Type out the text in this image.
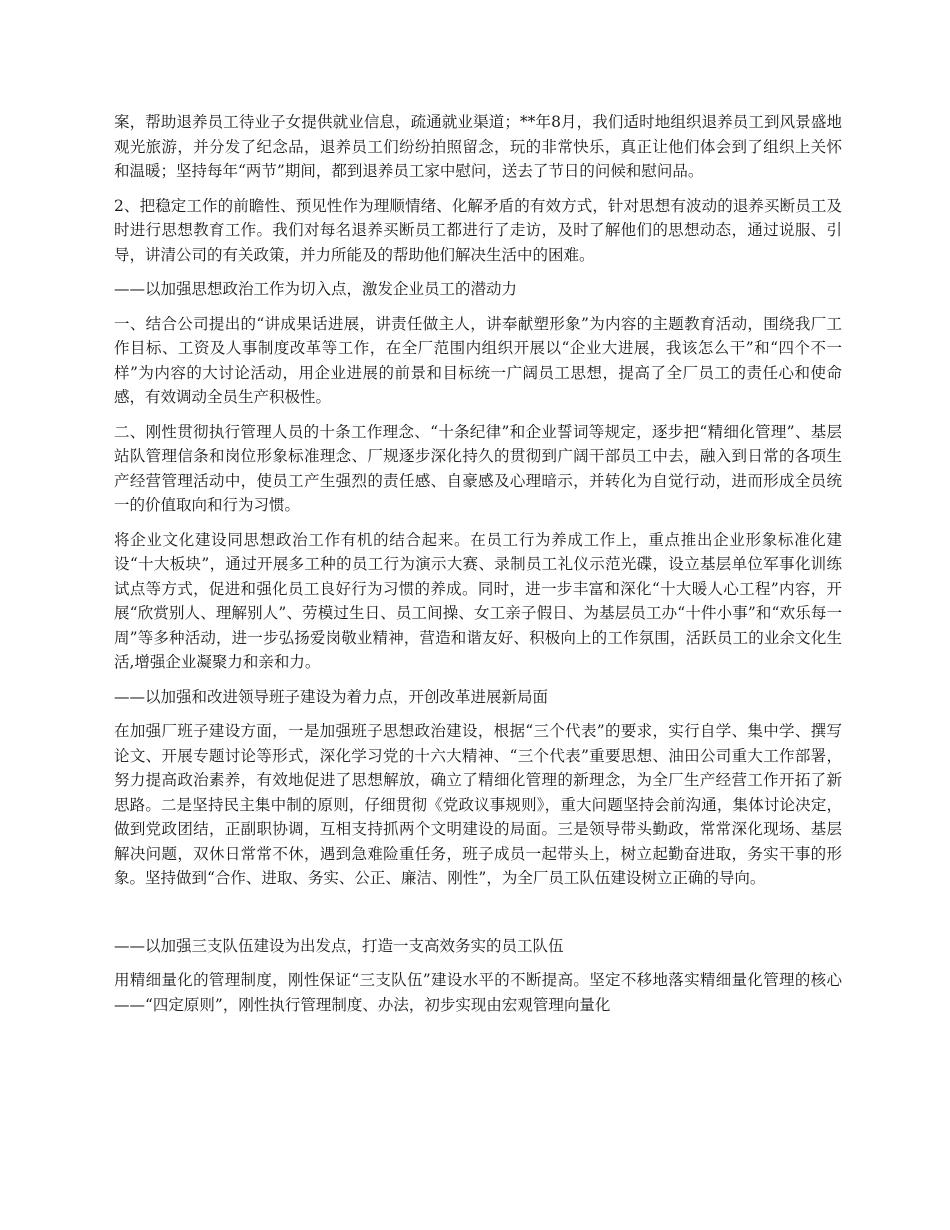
案，帮助退养员工待业子女提供就业信息，疏通就业渠道；**年8月，我们适时地组织退养员工到风景盛地观光旅游，并分发了纪念品，退养员工们纷纷拍照留念，玩的非常快乐，真正让他们体会到了组织上关怀和温暖；坚持每年“两节”期间，都到退养员工家中慰问，送去了节日的问候和慰问品。

2、把稳定工作的前瞻性、预见性作为理顺情绪、化解矛盾的有效方式，针对思想有波动的退养买断员工及时进行思想教育工作。我们对每名退养买断员工都进行了走访，及时了解他们的思想动态，通过说服、引导，讲清公司的有关政策，并力所能及的帮助他们解决生活中的困难。

——以加强思想政治工作为切入点，激发企业员工的潜动力

一、结合公司提出的“讲成果话进展，讲责任做主人，讲奉献塑形象”为内容的主题教育活动，围绕我厂工作目标、工资及人事制度改革等工作，在全厂范围内组织开展以“企业大进展，我该怎么干”和“四个不一样”为内容的大讨论活动，用企业进展的前景和目标统一广阔员工思想，提高了全厂员工的责任心和使命感，有效调动全员生产积极性。

二、刚性贯彻执行管理人员的十条工作理念、“十条纪律”和企业誓词等规定，逐步把“精细化管理”、基层站队管理信条和岗位形象标准理念、厂规逐步深化持久的贯彻到广阔干部员工中去，融入到日常的各项生产经营管理活动中，使员工产生强烈的责任感、自豪感及心理暗示，并转化为自觉行动，进而形成全员统一的价值取向和行为习惯。

将企业文化建设同思想政治工作有机的结合起来。在员工行为养成工作上，重点推出企业形象标准化建设“十大板块”，通过开展多工种的员工行为演示大赛、录制员工礼仪示范光碟，设立基层单位军事化训练试点等方式，促进和强化员工良好行为习惯的养成。同时，进一步丰富和深化“十大暖人心工程”内容，开展“欣赏别人、理解别人”、劳模过生日、员工间操、女工亲子假日、为基层员工办“十件小事”和“欢乐每一周”等多种活动，进一步弘扬爱岗敬业精神，营造和谐友好、积极向上的工作氛围，活跃员工的业余文化生活,增强企业凝聚力和亲和力。

——以加强和改进领导班子建设为着力点，开创改革进展新局面

在加强厂班子建设方面，一是加强班子思想政治建设，根据“三个代表”的要求，实行自学、集中学、撰写论文、开展专题讨论等形式，深化学习党的十六大精神、“三个代表”重要思想、油田公司重大工作部署，努力提高政治素养，有效地促进了思想解放，确立了精细化管理的新理念，为全厂生产经营工作开拓了新思路。二是坚持民主集中制的原则，仔细贯彻《党政议事规则》，重大问题坚持会前沟通，集体讨论决定，做到党政团结，正副职协调，互相支持抓两个文明建设的局面。三是领导带头勤政，常常深化现场、基层解决问题，双休日常常不休，遇到急难险重任务，班子成员一起带头上，树立起勤奋进取，务实干事的形象。坚持做到“合作、进取、务实、公正、廉洁、刚性”，为全厂员工队伍建设树立正确的导向。

——以加强三支队伍建设为出发点，打造一支高效务实的员工队伍

用精细量化的管理制度，刚性保证“三支队伍”建设水平的不断提高。坚定不移地落实精细量化管理的核心——“四定原则”，刚性执行管理制度、办法，初步实现由宏观管理向量化
